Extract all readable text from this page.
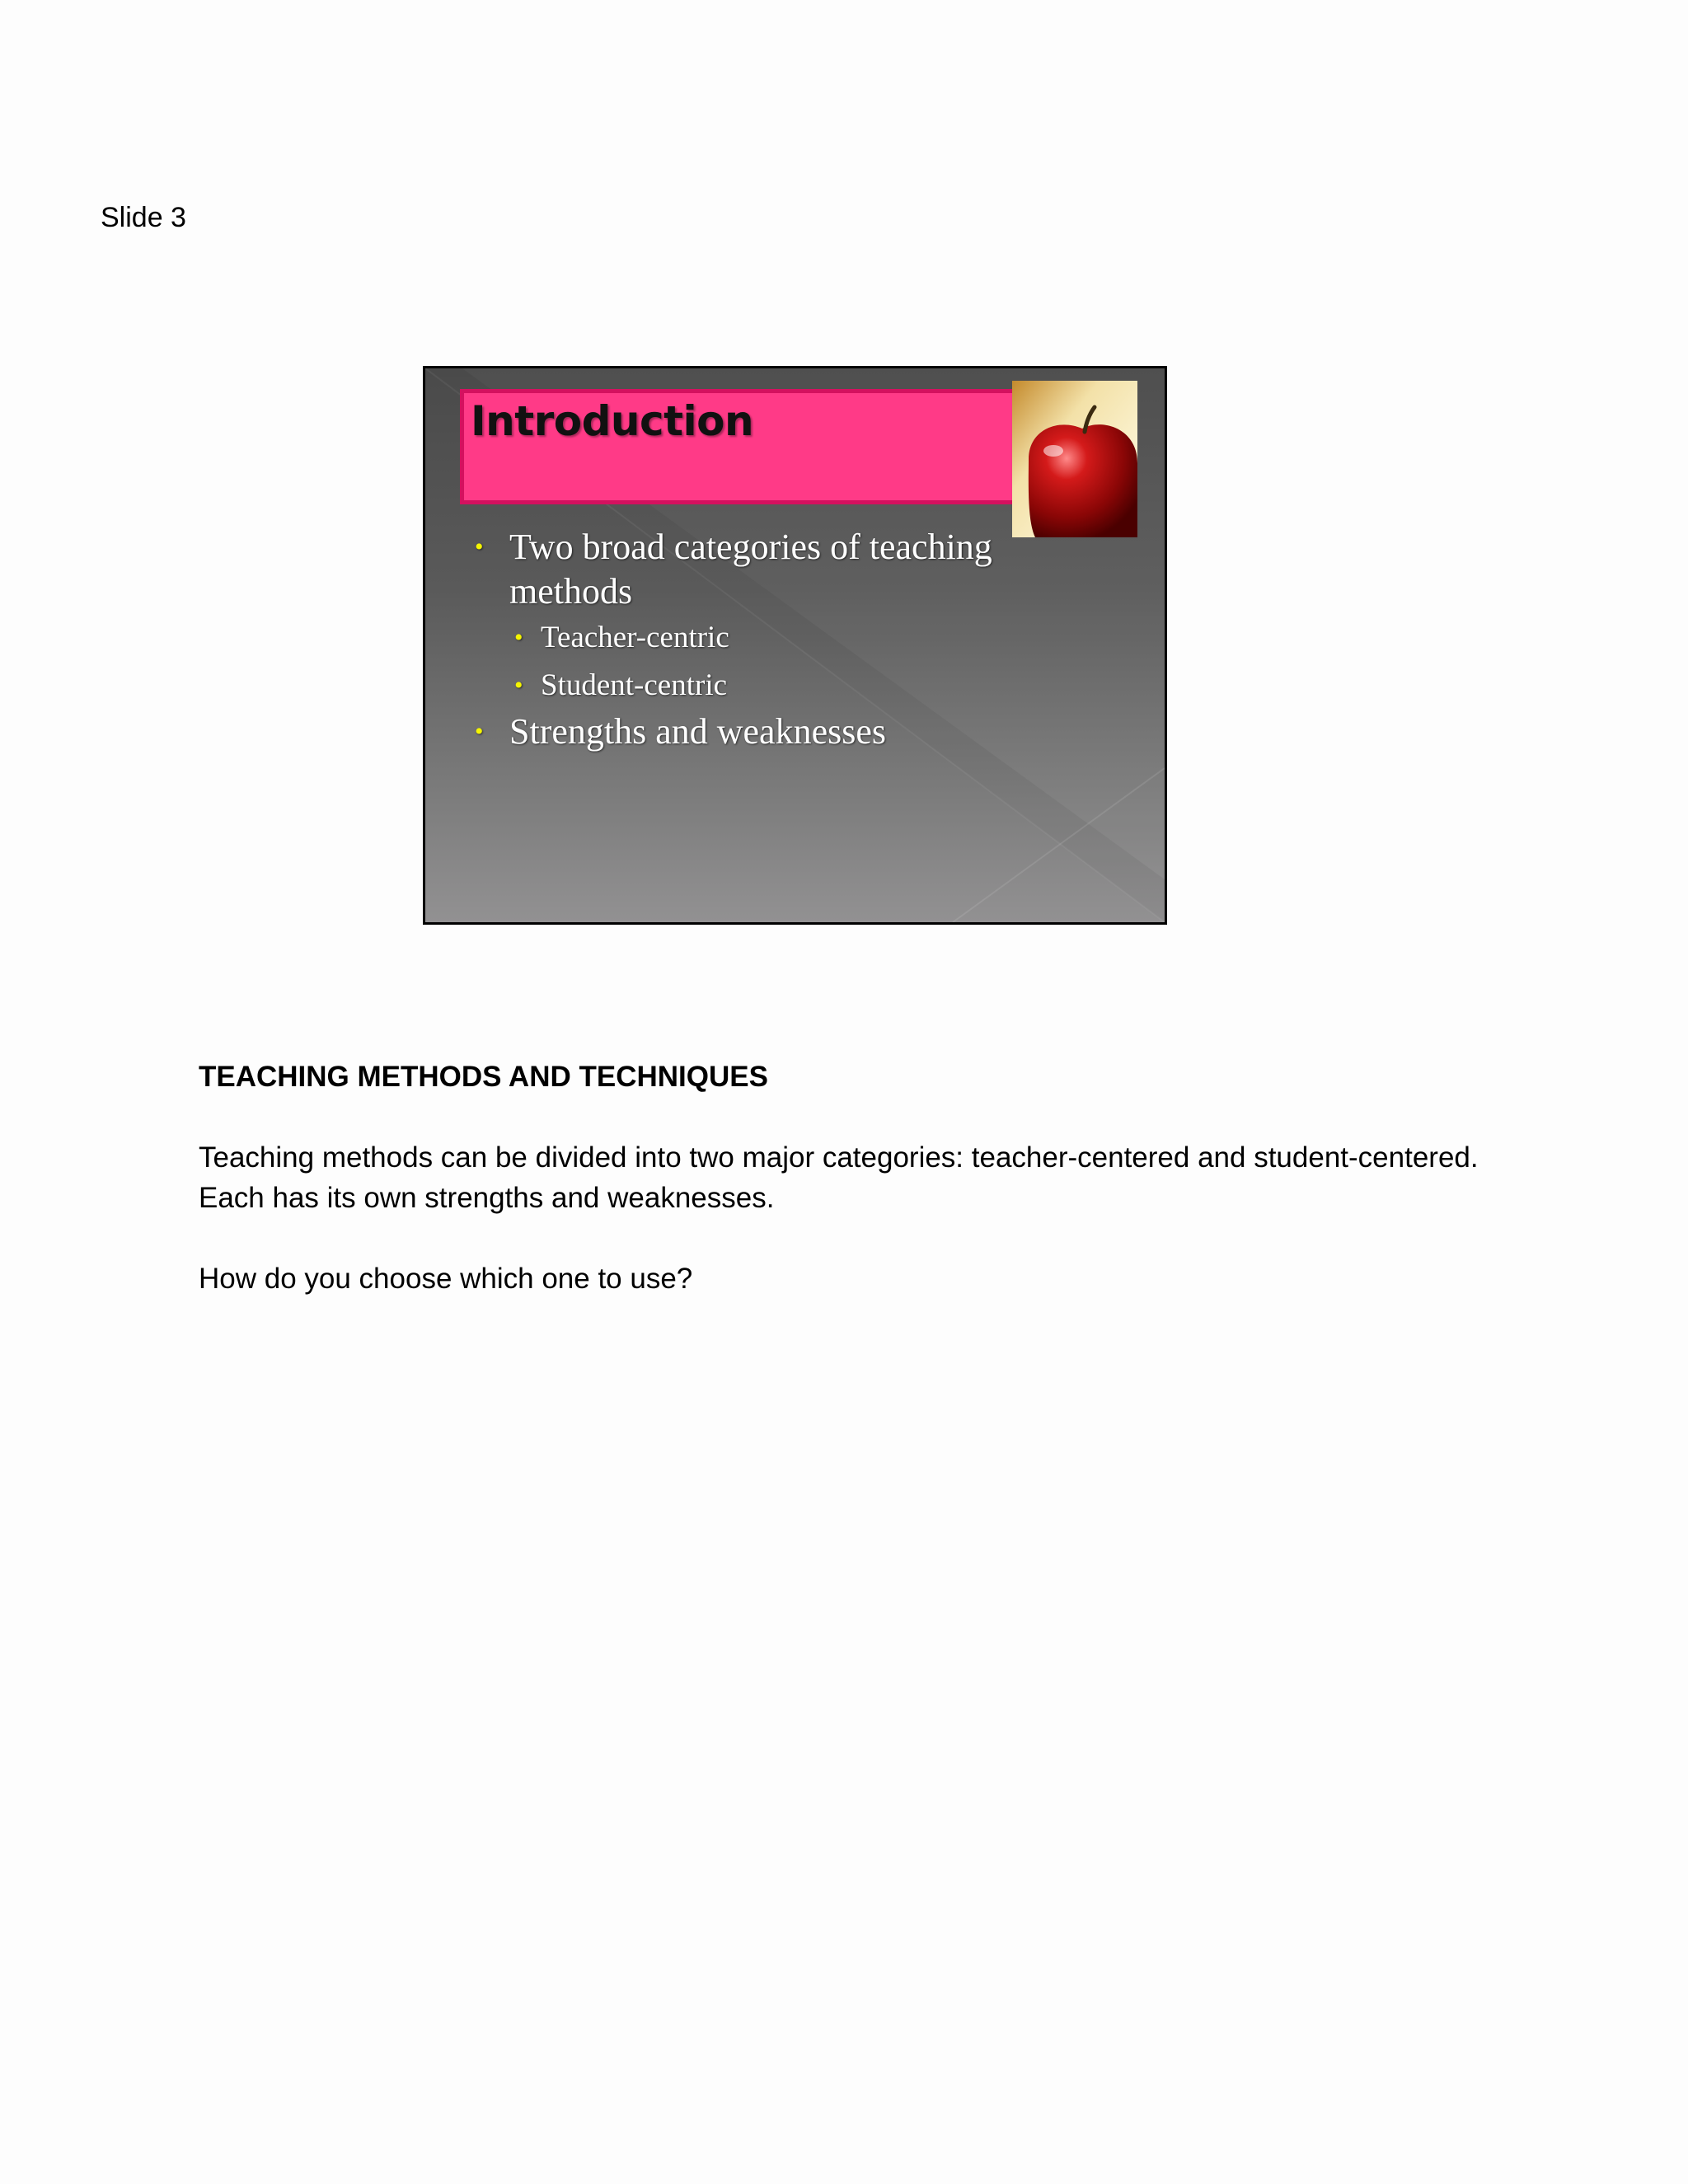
Slide 3
Introduction
• Two broad categories of teaching methods
• Teacher-centric
• Student-centric
• Strengths and weaknesses

TEACHING METHODS AND TECHNIQUES

Teaching methods can be divided into two major categories: teacher-centered and student-centered. Each has its own strengths and weaknesses.

How do you choose which one to use?
